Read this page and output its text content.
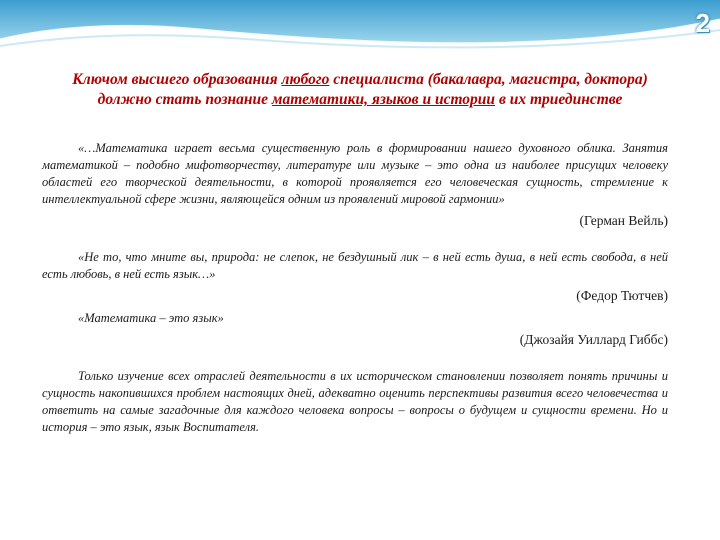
2
Ключом высшего образования любого специалиста (бакалавра, магистра, доктора) должно стать познание математики, языков и истории в их триединстве

«…Математика играет весьма существенную роль в формировании нашего духовного облика. Занятия математикой – подобно мифотворчеству, литературе или музыке – это одна из наиболее присущих человеку областей его творческой деятельности, в которой проявляется его человеческая сущность, стремление к интеллектуальной сфере жизни, являющейся одним из проявлений мировой гармонии»

(Герман Вейль)

«Не то, что мните вы, природа: не слепок, не бездушный лик – в ней есть душа, в ней есть свобода, в ней есть любовь, в ней есть язык…»

(Федор Тютчев)

«Математика – это язык»

(Джозайя Уиллард Гиббс)

Только изучение всех отраслей деятельности в их историческом становлении позволяет понять причины и сущность накопившихся проблем настоящих дней, адекватно оценить перспективы развития всего человечества и ответить на самые загадочные для каждого человека вопросы – вопросы о будущем и сущности времени. Но и история – это язык, язык Воспитателя.
